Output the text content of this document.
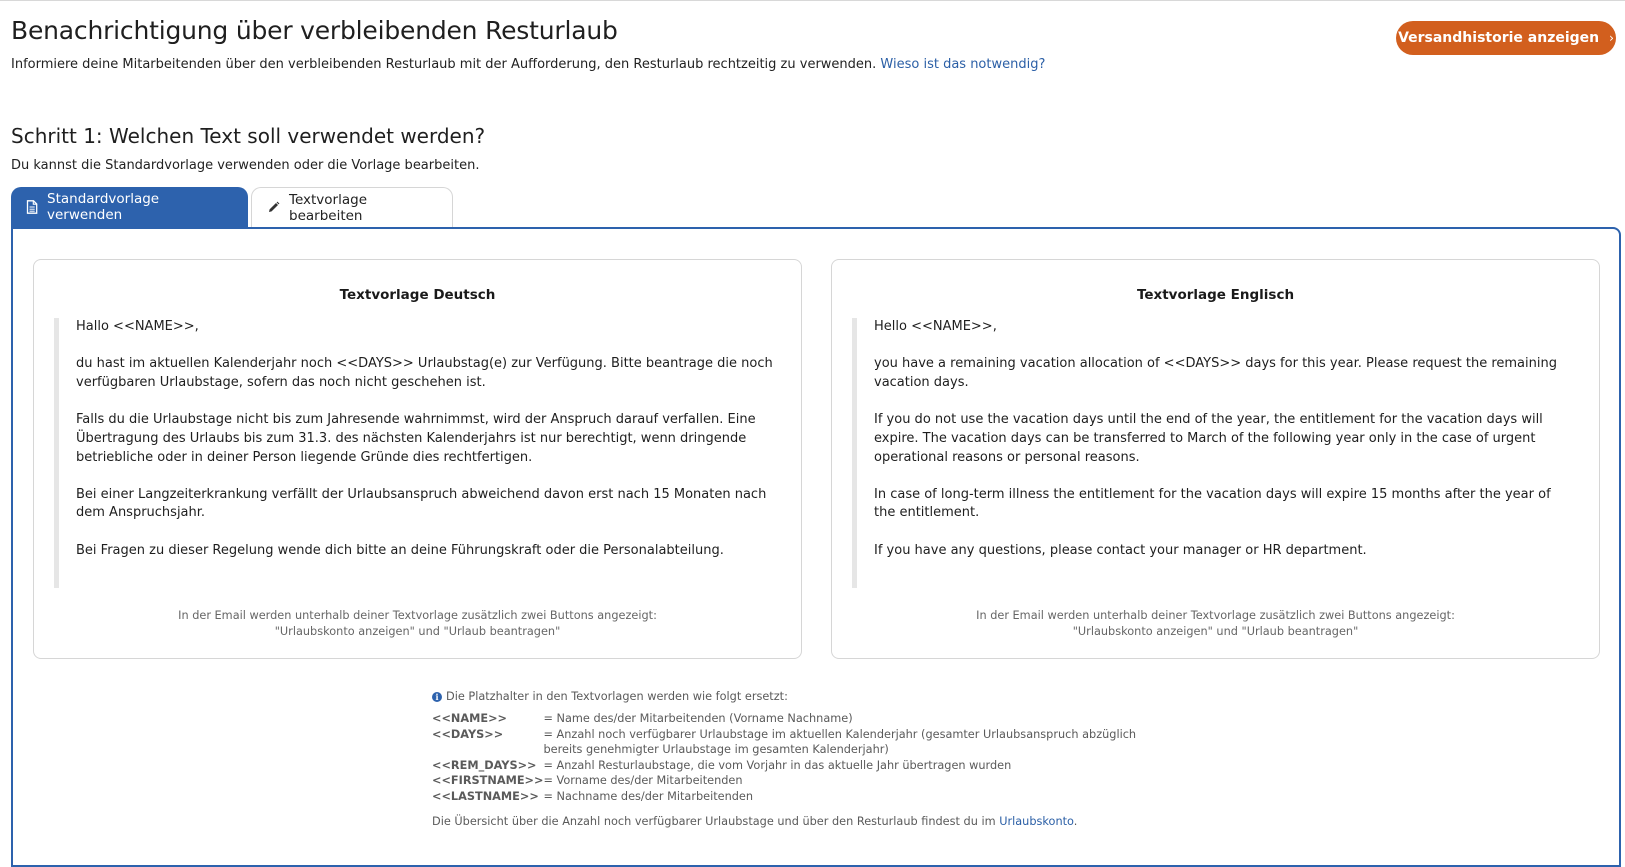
Benachrichtigung über verbleibenden Resturlaub
Informiere deine Mitarbeitenden über den verbleibenden Resturlaub mit der Aufforderung, den Resturlaub rechtzeitig zu verwenden. Wieso ist das notwendig?
Versandhistorie anzeigen ›
Schritt 1: Welchen Text soll verwendet werden?
Du kannst die Standardvorlage verwenden oder die Vorlage bearbeiten.
Standardvorlage verwenden
Textvorlage bearbeiten
Textvorlage Deutsch

Hallo <<NAME>>,

du hast im aktuellen Kalenderjahr noch <<DAYS>> Urlaubstag(e) zur Verfügung. Bitte beantrage die noch verfügbaren Urlaubstage, sofern das noch nicht geschehen ist.

Falls du die Urlaubstage nicht bis zum Jahresende wahrnimmst, wird der Anspruch darauf verfallen. Eine Übertragung des Urlaubs bis zum 31.3. des nächsten Kalenderjahrs ist nur berechtigt, wenn dringende betriebliche oder in deiner Person liegende Gründe dies rechtfertigen.

Bei einer Langzeiterkrankung verfällt der Urlaubsanspruch abweichend davon erst nach 15 Monaten nach dem Anspruchsjahr.

Bei Fragen zu dieser Regelung wende dich bitte an deine Führungskraft oder die Personalabteilung.

In der Email werden unterhalb deiner Textvorlage zusätzlich zwei Buttons angezeigt:
"Urlaubskonto anzeigen" und "Urlaub beantragen"
Textvorlage Englisch

Hello <<NAME>>,

you have a remaining vacation allocation of <<DAYS>> days for this year. Please request the remaining vacation days.

If you do not use the vacation days until the end of the year, the entitlement for the vacation days will expire. The vacation days can be transferred to March of the following year only in the case of urgent operational reasons or personal reasons.

In case of long-term illness the entitlement for the vacation days will expire 15 months after the year of the entitlement.

If you have any questions, please contact your manager or HR department.

In der Email werden unterhalb deiner Textvorlage zusätzlich zwei Buttons angezeigt:
"Urlaubskonto anzeigen" und "Urlaub beantragen"
i Die Platzhalter in den Textvorlagen werden wie folgt ersetzt:
<<NAME>>	= Name des/der Mitarbeitenden (Vorname Nachname)
<<DAYS>>	= Anzahl noch verfügbarer Urlaubstage im aktuellen Kalenderjahr (gesamter Urlaubsanspruch abzüglich bereits genehmigter Urlaubstage im gesamten Kalenderjahr)
<<REM_DAYS>>	= Anzahl Resturlaubstage, die vom Vorjahr in das aktuelle Jahr übertragen wurden
<<FIRSTNAME>>	= Vorname des/der Mitarbeitenden
<<LASTNAME>>	= Nachname des/der Mitarbeitenden
Die Übersicht über die Anzahl noch verfügbarer Urlaubstage und über den Resturlaub findest du im Urlaubskonto.
